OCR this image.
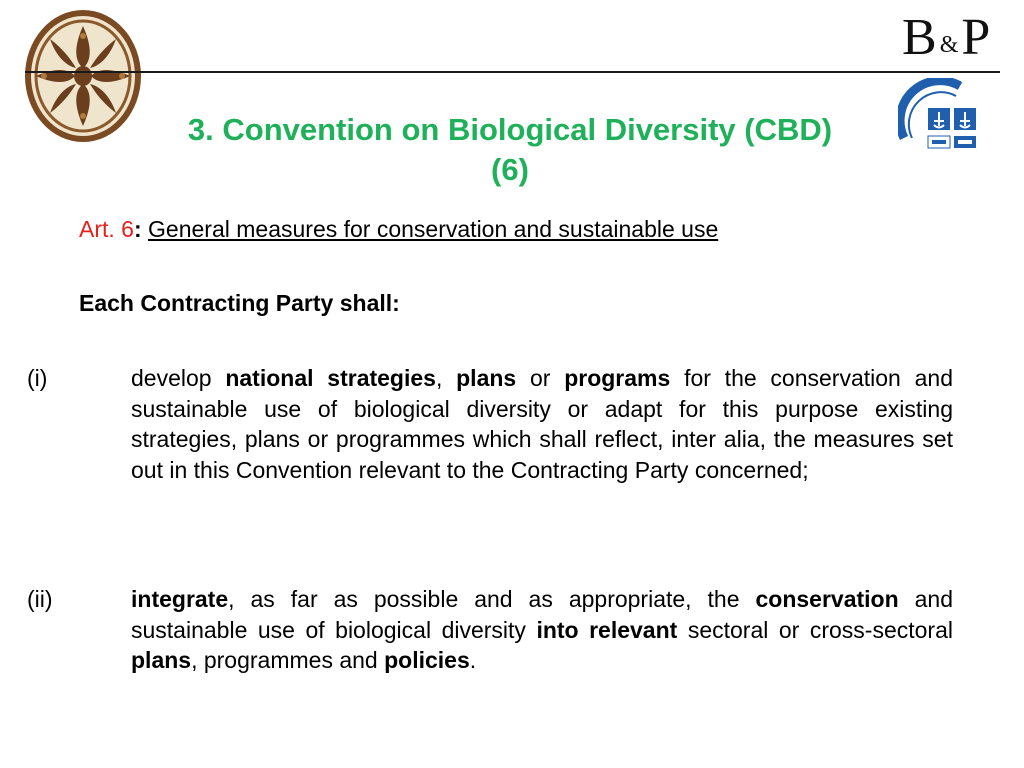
B&P
3. Convention on Biological Diversity (CBD)
(6)
Art. 6: General measures for conservation and sustainable use
Each Contracting Party shall:
(i)	develop national strategies, plans or programs for the conservation and sustainable use of biological diversity or adapt for this purpose existing strategies, plans or programmes which shall reflect, inter alia, the measures set out in this Convention relevant to the Contracting Party concerned;
(ii)	integrate, as far as possible and as appropriate, the conservation and sustainable use of biological diversity into relevant sectoral or cross-sectoral plans, programmes and policies.
